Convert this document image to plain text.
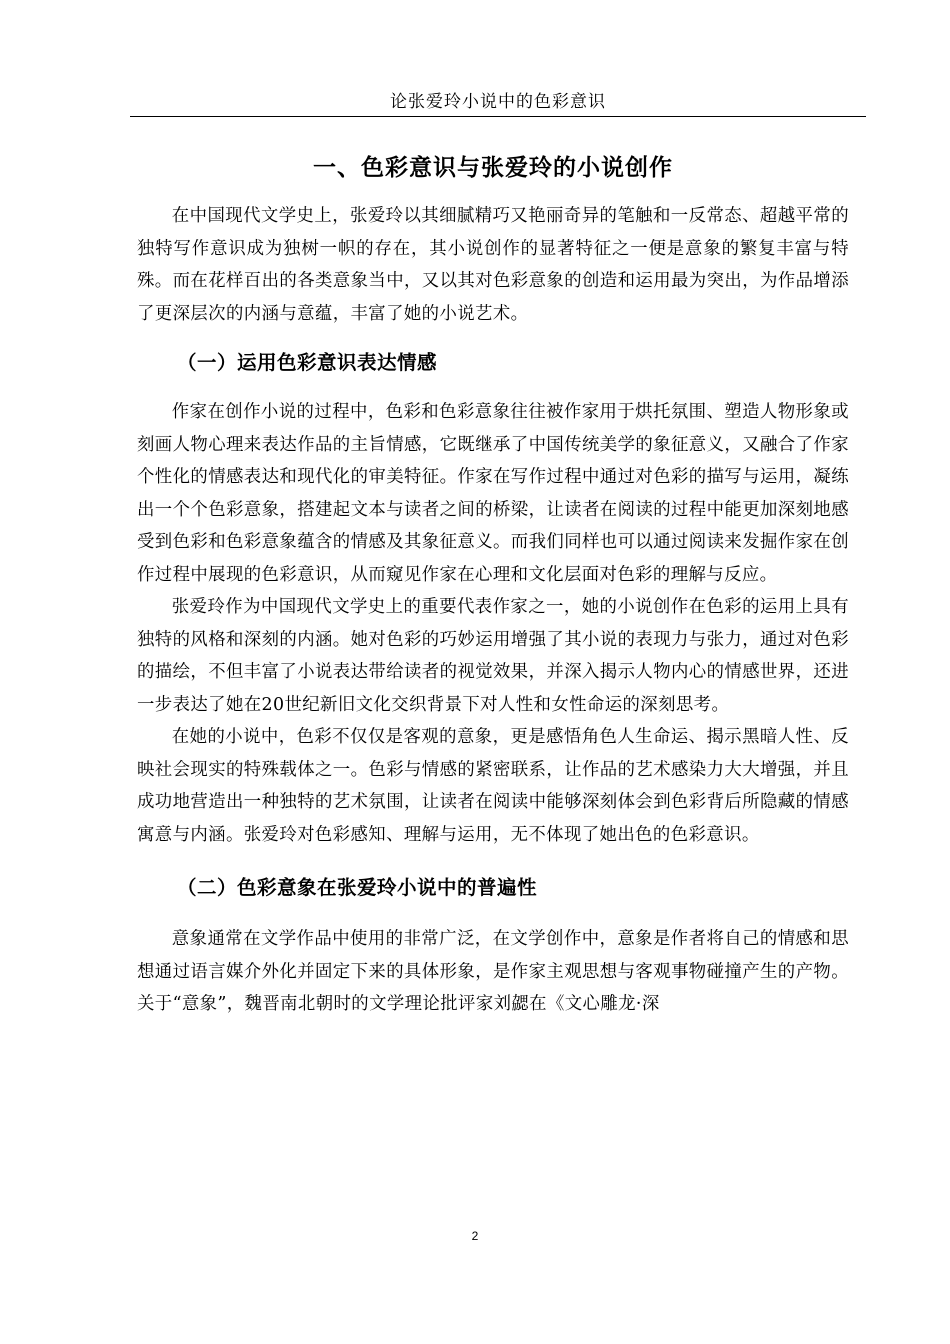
论张爱玲小说中的色彩意识
一、色彩意识与张爱玲的小说创作

在中国现代文学史上，张爱玲以其细腻精巧又艳丽奇异的笔触和一反常态、超越平常的独特写作意识成为独树一帜的存在，其小说创作的显著特征之一便是意象的繁复丰富与特殊。而在花样百出的各类意象当中，又以其对色彩意象的创造和运用最为突出，为作品增添了更深层次的内涵与意蕴，丰富了她的小说艺术。

（一）运用色彩意识表达情感

作家在创作小说的过程中，色彩和色彩意象往往被作家用于烘托氛围、塑造人物形象或刻画人物心理来表达作品的主旨情感，它既继承了中国传统美学的象征意义，又融合了作家个性化的情感表达和现代化的审美特征。作家在写作过程中通过对色彩的描写与运用，凝练出一个个色彩意象，搭建起文本与读者之间的桥梁，让读者在阅读的过程中能更加深刻地感受到色彩和色彩意象蕴含的情感及其象征意义。而我们同样也可以通过阅读来发掘作家在创作过程中展现的色彩意识，从而窥见作家在心理和文化层面对色彩的理解与反应。

张爱玲作为中国现代文学史上的重要代表作家之一，她的小说创作在色彩的运用上具有独特的风格和深刻的内涵。她对色彩的巧妙运用增强了其小说的表现力与张力，通过对色彩的描绘，不但丰富了小说表达带给读者的视觉效果，并深入揭示人物内心的情感世界，还进一步表达了她在20世纪新旧文化交织背景下对人性和女性命运的深刻思考。

在她的小说中，色彩不仅仅是客观的意象，更是感悟角色人生命运、揭示黑暗人性、反映社会现实的特殊载体之一。色彩与情感的紧密联系，让作品的艺术感染力大大增强，并且成功地营造出一种独特的艺术氛围，让读者在阅读中能够深刻体会到色彩背后所隐藏的情感寓意与内涵。张爱玲对色彩感知、理解与运用，无不体现了她出色的色彩意识。

（二）色彩意象在张爱玲小说中的普遍性

意象通常在文学作品中使用的非常广泛，在文学创作中，意象是作者将自己的情感和思想通过语言媒介外化并固定下来的具体形象，是作家主观思想与客观事物碰撞产生的产物。关于“意象”，魏晋南北朝时的文学理论批评家刘勰在《文心雕龙·深

2
